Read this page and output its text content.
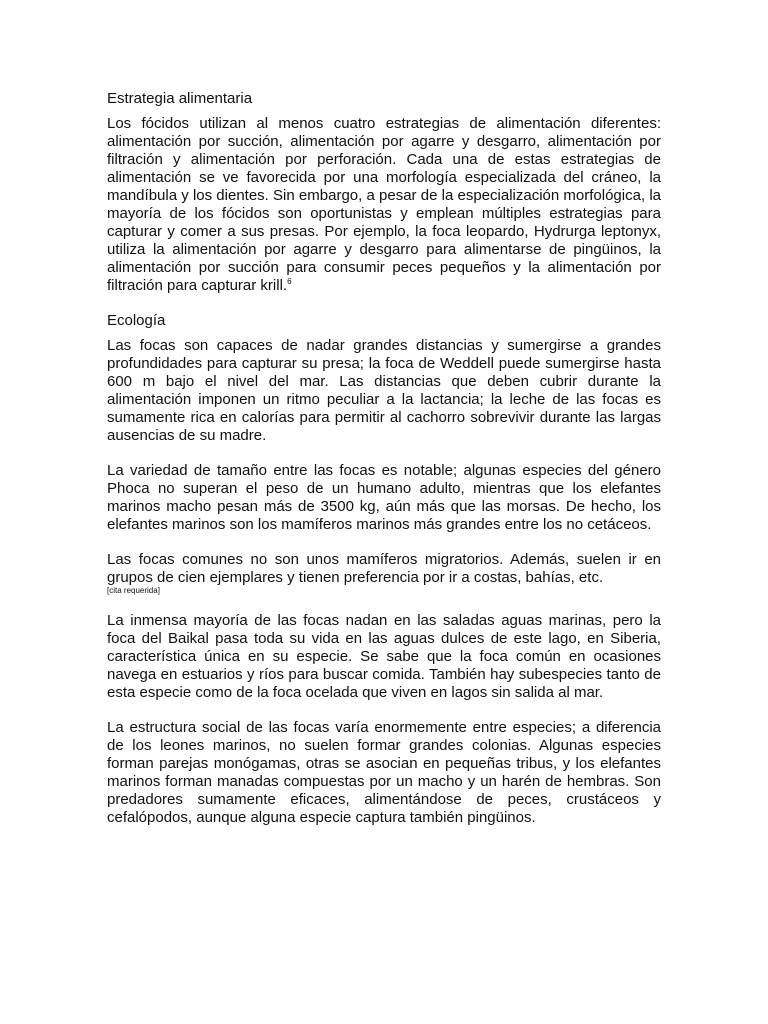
Estrategia alimentaria

Los fócidos utilizan al menos cuatro estrategias de alimentación diferentes: alimentación por succión, alimentación por agarre y desgarro, alimentación por filtración y alimentación por perforación. Cada una de estas estrategias de alimentación se ve favorecida por una morfología especializada del cráneo, la mandíbula y los dientes. Sin embargo, a pesar de la especialización morfológica, la mayoría de los fócidos son oportunistas y emplean múltiples estrategias para capturar y comer a sus presas. Por ejemplo, la foca leopardo, Hydrurga leptonyx, utiliza la alimentación por agarre y desgarro para alimentarse de pingüinos, la alimentación por succión para consumir peces pequeños y la alimentación por filtración para capturar krill.$^6$

Ecología

Las focas son capaces de nadar grandes distancias y sumergirse a grandes profundidades para capturar su presa; la foca de Weddell puede sumergirse hasta 600 m bajo el nivel del mar. Las distancias que deben cubrir durante la alimentación imponen un ritmo peculiar a la lactancia; la leche de las focas es sumamente rica en calorías para permitir al cachorro sobrevivir durante las largas ausencias de su madre.

La variedad de tamaño entre las focas es notable; algunas especies del género Phoca no superan el peso de un humano adulto, mientras que los elefantes marinos macho pesan más de 3500 kg, aún más que las morsas. De hecho, los elefantes marinos son los mamíferos marinos más grandes entre los no cetáceos.

Las focas comunes no son unos mamíferos migratorios. Además, suelen ir en grupos de cien ejemplares y tienen preferencia por ir a costas, bahías, etc.
[cita requerida]

La inmensa mayoría de las focas nadan en las saladas aguas marinas, pero la foca del Baikal pasa toda su vida en las aguas dulces de este lago, en Siberia, característica única en su especie. Se sabe que la foca común en ocasiones navega en estuarios y ríos para buscar comida. También hay subespecies tanto de esta especie como de la foca ocelada que viven en lagos sin salida al mar.

La estructura social de las focas varía enormemente entre especies; a diferencia de los leones marinos, no suelen formar grandes colonias. Algunas especies forman parejas monógamas, otras se asocian en pequeñas tribus, y los elefantes marinos forman manadas compuestas por un macho y un harén de hembras. Son predadores sumamente eficaces, alimentándose de peces, crustáceos y cefalópodos, aunque alguna especie captura también pingüinos.
